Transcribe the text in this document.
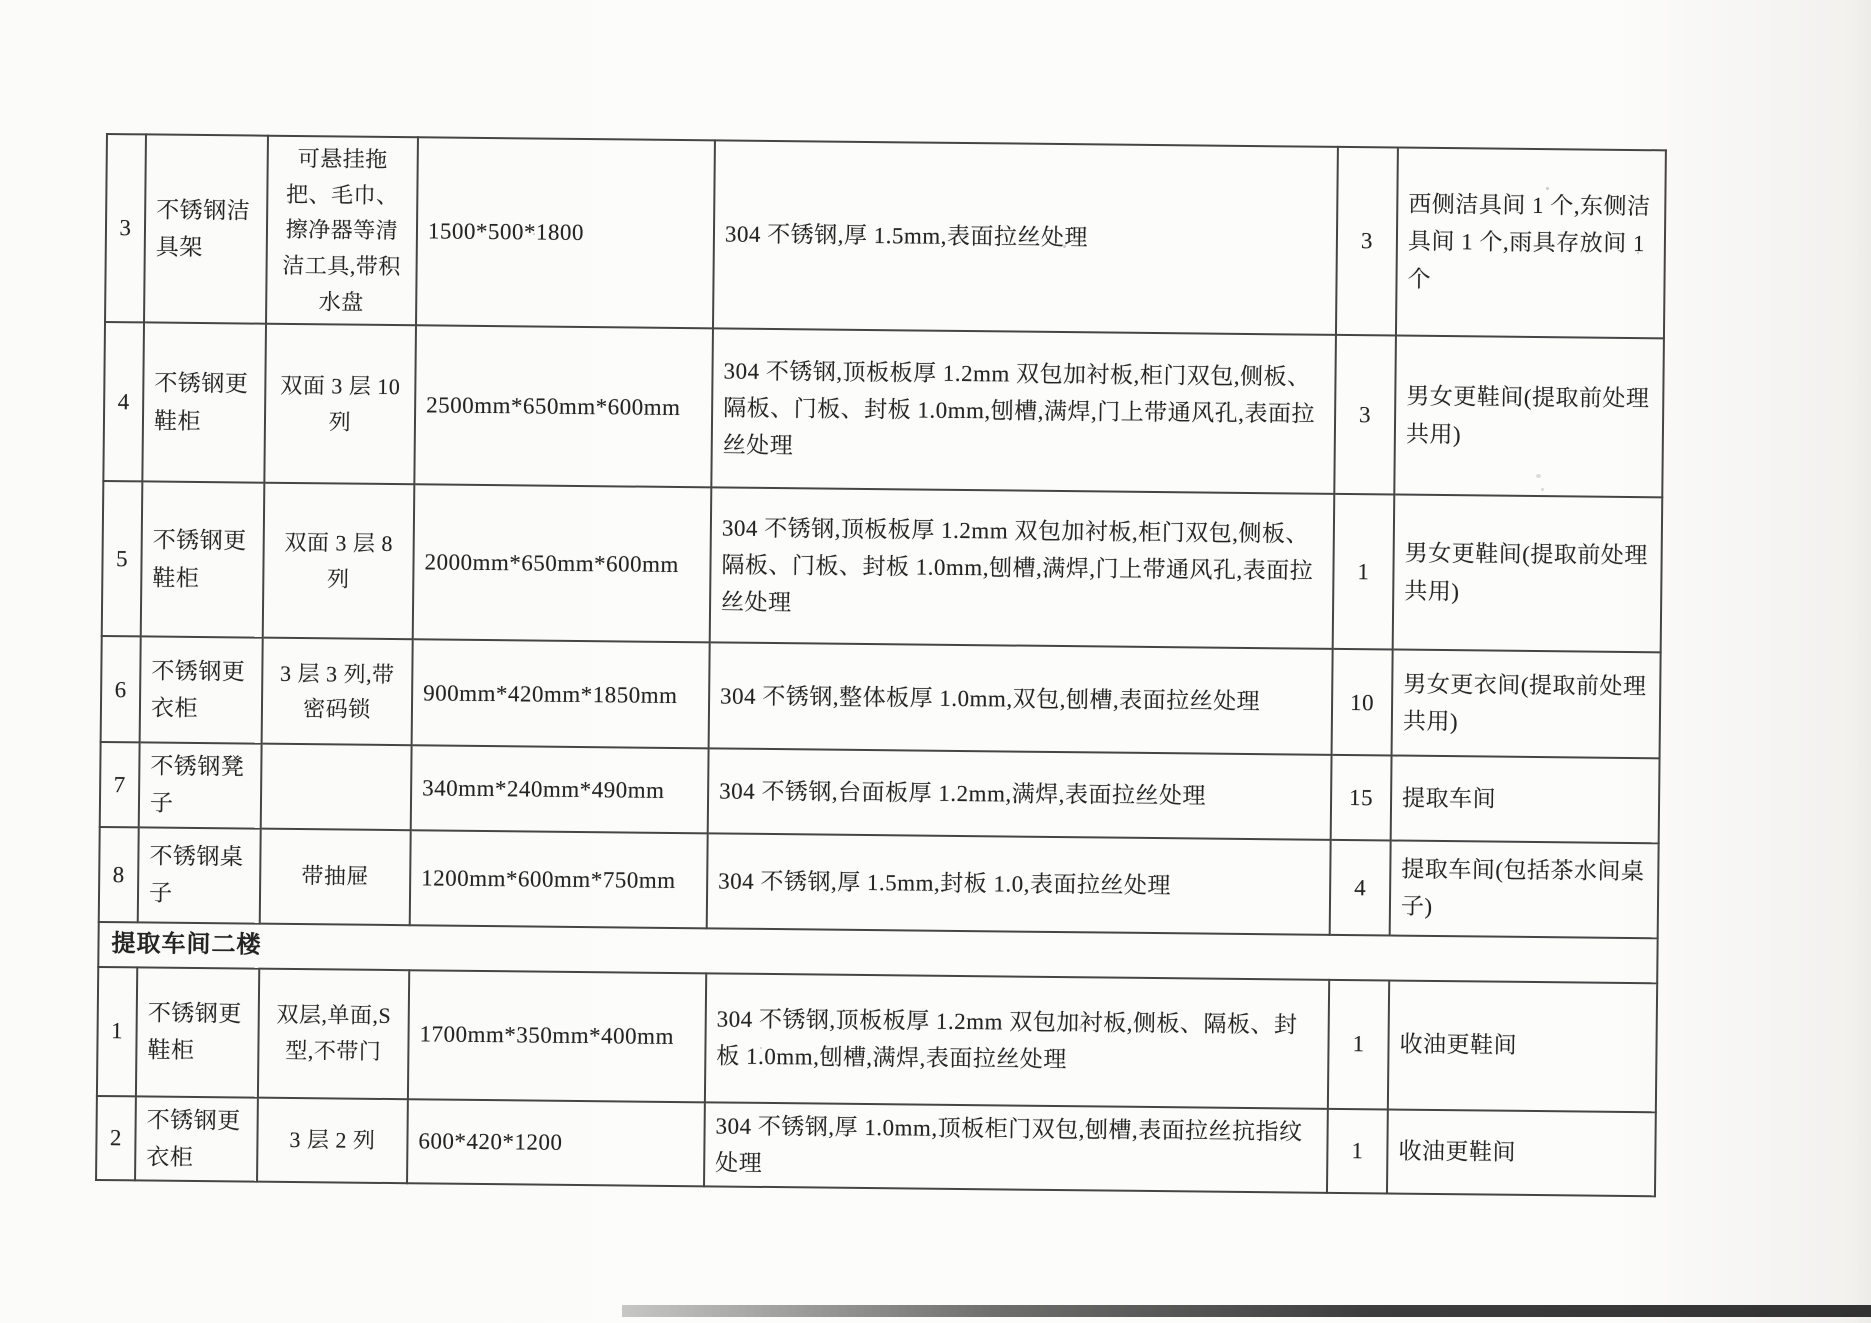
3	不锈钢洁具架	可悬挂拖把、毛巾、擦净器等清洁工具,带积水盘	1500*500*1800	304 不锈钢,厚 1.5mm,表面拉丝处理	3	西侧洁具间 1 个,东侧洁具间 1 个,雨具存放间 1 个
4	不锈钢更鞋柜	双面 3 层 10 列	2500mm*650mm*600mm	304 不锈钢,顶板板厚 1.2mm 双包加衬板,柜门双包,侧板、隔板、门板、封板 1.0mm,刨槽,满焊,门上带通风孔,表面拉丝处理	3	男女更鞋间(提取前处理共用)
5	不锈钢更鞋柜	双面 3 层 8 列	2000mm*650mm*600mm	304 不锈钢,顶板板厚 1.2mm 双包加衬板,柜门双包,侧板、隔板、门板、封板 1.0mm,刨槽,满焊,门上带通风孔,表面拉丝处理	1	男女更鞋间(提取前处理共用)
6	不锈钢更衣柜	3 层 3 列,带密码锁	900mm*420mm*1850mm	304 不锈钢,整体板厚 1.0mm,双包,刨槽,表面拉丝处理	10	男女更衣间(提取前处理共用)
7	不锈钢凳子		340mm*240mm*490mm	304 不锈钢,台面板厚 1.2mm,满焊,表面拉丝处理	15	提取车间
8	不锈钢桌子	带抽屉	1200mm*600mm*750mm	304 不锈钢,厚 1.5mm,封板 1.0,表面拉丝处理	4	提取车间(包括茶水间桌子)
提取车间二楼						
1	不锈钢更鞋柜	双层,单面,S 型,不带门	1700mm*350mm*400mm	304 不锈钢,顶板板厚 1.2mm 双包加衬板,侧板、隔板、封板 1.0mm,刨槽,满焊,表面拉丝处理	1	收油更鞋间
2	不锈钢更衣柜	3 层 2 列	600*420*1200	304 不锈钢,厚 1.0mm,顶板柜门双包,刨槽,表面拉丝抗指纹处理	1	收油更鞋间
